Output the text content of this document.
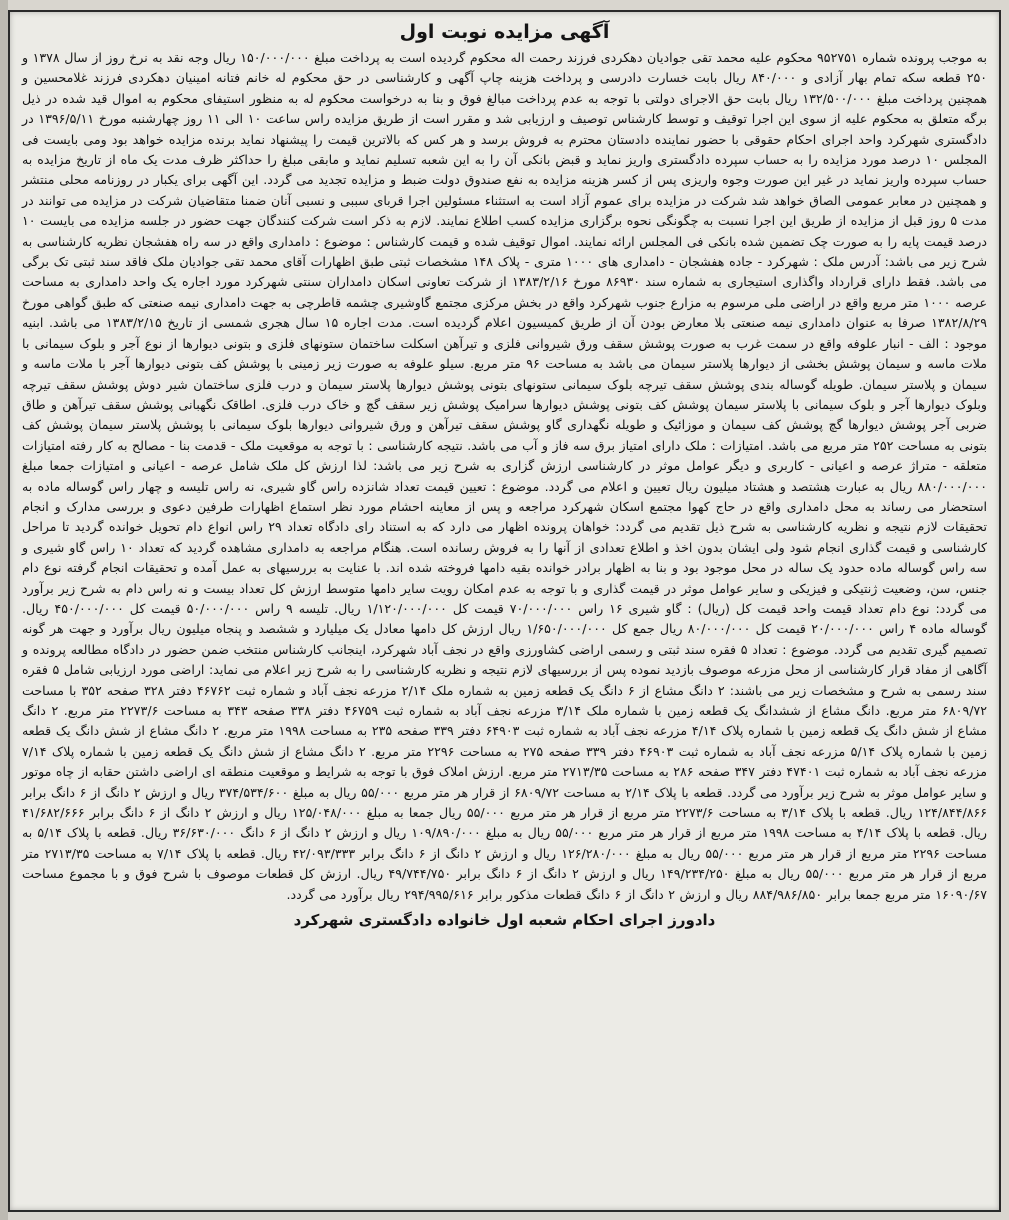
آگهی مزایده نوبت اول

به موجب پرونده شماره ۹۵۲۷۵۱ محکوم علیه محمد تقی جوادیان دهکردی فرزند رحمت اله محکوم گردیده است به پرداخت مبلغ ۱۵۰/۰۰۰/۰۰۰ ریال وجه نقد به نرخ روز از سال ۱۳۷۸ و ۲۵۰ قطعه سکه تمام بهار آزادی و ۸۴۰/۰۰۰ ریال بابت خسارت دادرسی و پرداخت هزینه چاپ آگهی و کارشناسی در حق محکوم له خانم فتانه امینیان دهکردی فرزند غلامحسین و همچنین پرداخت مبلغ ۱۳۲/۵۰۰/۰۰۰ ریال بابت حق الاجرای دولتی با توجه به عدم پرداخت مبالغ فوق و بنا به درخواست محکوم له به منظور استیفای محکوم به اموال قید شده در ذیل برگه متعلق به محکوم علیه از سوی این اجرا توقیف و توسط کارشناس توصیف و ارزیابی شد و مقرر است از طریق مزایده راس ساعت ۱۰ الی ۱۱ روز چهارشنبه مورخ ۱۳۹۶/۵/۱۱ در دادگستری شهرکرد واحد اجرای احکام حقوقی با حضور نماینده دادستان محترم به فروش برسد و هر کس که بالاترین قیمت را پیشنهاد نماید برنده مزایده خواهد بود ومی بایست فی المجلس ۱۰ درصد مورد مزایده را به حساب سپرده دادگستری واریز نماید و قبض بانکی آن را به این شعبه تسلیم نماید و مابقی مبلغ را حداکثر ظرف مدت یک ماه از تاریخ مزایده به حساب سپرده واریز نماید در غیر این صورت وجوه واریزی پس از کسر هزینه مزایده به نفع صندوق دولت ضبط و مزایده تجدید می گردد. این آگهی برای یکبار در روزنامه محلی منتشر و همچنین در معابر عمومی الصاق خواهد شد شرکت در مزایده برای عموم آزاد است به استثناء مسئولین اجرا قربای سببی و نسبی آنان ضمنا متقاضیان شرکت در مزایده می توانند در مدت ۵ روز قبل از مزایده از طریق این اجرا نسبت به چگونگی نحوه برگزاری مزایده کسب اطلاع نمایند. لازم به ذکر است شرکت کنندگان جهت حضور در جلسه مزایده می بایست ۱۰ درصد قیمت پایه را به صورت چک تضمین شده بانکی فی المجلس ارائه نمایند. اموال توقیف شده و قیمت کارشناس : موضوع : دامداری واقع در سه راه هفشجان نظریه کارشناسی به شرح زیر می باشد: آدرس ملک : شهرکرد - جاده هفشجان - دامداری های ۱۰۰۰ متری - پلاک ۱۴۸ مشخصات ثبتی طبق اظهارات آقای محمد تقی جوادیان ملک فاقد سند ثبتی تک برگی می باشد. فقط دارای قرارداد واگذاری استیجاری به شماره سند ۸۶۹۳۰ مورخ ۱۳۸۳/۲/۱۶ از شرکت تعاونی اسکان دامداران سنتی شهرکرد مورد اجاره یک واحد دامداری به مساحت عرصه ۱۰۰۰ متر مربع واقع در اراضی ملی مرسوم به مزارع جنوب شهرکرد واقع در بخش مرکزی مجتمع گاوشیری چشمه قاطرچی به جهت دامداری نیمه صنعتی که طبق گواهی مورخ ۱۳۸۲/۸/۲۹ صرفا به عنوان دامداری نیمه صنعتی بلا معارض بودن آن از طریق کمیسیون اعلام گردیده است. مدت اجاره ۱۵ سال هجری شمسی از تاریخ ۱۳۸۳/۲/۱۵ می باشد. ابنیه موجود : الف - انبار علوفه واقع در سمت غرب به صورت پوشش سقف ورق شیروانی فلزی و تیرآهن اسکلت ساختمان ستونهای فلزی و بتونی دیوارها از نوع آجر و بلوک سیمانی با ملات ماسه و سیمان پوشش بخشی از دیوارها پلاستر سیمان می باشد به مساحت ۹۶ متر مربع. سیلو علوفه به صورت زیر زمینی با پوشش کف بتونی دیوارها آجر با ملات ماسه و سیمان و پلاستر سیمان. طویله گوساله بندی پوشش سقف تیرچه بلوک سیمانی ستونهای بتونی پوشش دیوارها پلاستر سیمان و درب فلزی ساختمان شیر دوش پوشش سقف تیرچه وبلوک دیوارها آجر و بلوک سیمانی با پلاستر سیمان پوشش کف بتونی پوشش دیوارها سرامیک پوشش زیر سقف گچ و خاک درب فلزی. اطاقک نگهبانی پوشش سقف تیرآهن و طاق ضربی آجر پوشش دیوارها گچ پوشش کف سیمان و موزائیک و طویله نگهداری گاو پوشش سقف تیرآهن و ورق شیروانی دیوارها بلوک سیمانی با پوشش پلاستر سیمان پوشش کف بتونی به مساحت ۲۵۲ متر مربع می باشد. امتیازات : ملک دارای امتیاز برق سه فاز و آب می باشد. نتیجه کارشناسی : با توجه به موقعیت ملک - قدمت بنا - مصالح به کار رفته امتیازات متعلقه - متراژ عرصه و اعیانی - کاربری و دیگر عوامل موثر در کارشناسی ارزش گزاری به شرح زیر می باشد: لذا ارزش کل ملک شامل عرصه - اعیانی و امتیازات جمعا مبلغ ۸۸۰/۰۰۰/۰۰۰ ریال به عبارت هشتصد و هشتاد میلیون ریال تعیین و اعلام می گردد. موضوع : تعیین قیمت تعداد شانزده راس گاو شیری، نه راس تلیسه و چهار راس گوساله ماده به استحضار می رساند به محل دامداری واقع در حاج کهوا مجتمع اسکان شهرکرد مراجعه و پس از معاینه احشام مورد نظر استماع اظهارات طرفین دعوی و بررسی مدارک و انجام تحقیقات لازم نتیجه و نظریه کارشناسی به شرح ذیل تقدیم می گردد: خواهان پرونده اظهار می دارد که به استناد رای دادگاه تعداد ۲۹ راس انواع دام تحویل خوانده گردید تا مراحل کارشناسی و قیمت گذاری انجام شود ولی ایشان بدون اخذ و اطلاع تعدادی از آنها را به فروش رسانده است. هنگام مراجعه به دامداری مشاهده گردید که تعداد ۱۰ راس گاو شیری و سه راس گوساله ماده حدود یک ساله در محل موجود بود و بنا به اظهار برادر خوانده بقیه دامها فروخته شده اند. با عنایت به بررسیهای به عمل آمده و تحقیقات انجام گرفته نوع دام جنس، سن، وضعیت ژنتیکی و فیزیکی و سایر عوامل موثر در قیمت گذاری و با توجه به عدم امکان رویت سایر دامها متوسط ارزش کل تعداد بیست و نه راس دام به شرح زیر برآورد می گردد: نوع دام تعداد قیمت واحد قیمت کل (ریال) : گاو شیری ۱۶ راس ۷۰/۰۰۰/۰۰۰ قیمت کل ۱/۱۲۰/۰۰۰/۰۰۰ ریال. تلیسه ۹ راس ۵۰/۰۰۰/۰۰۰ قیمت کل ۴۵۰/۰۰۰/۰۰۰ ریال. گوساله ماده ۴ راس ۲۰/۰۰۰/۰۰۰ قیمت کل ۸۰/۰۰۰/۰۰۰ ریال جمع کل ۱/۶۵۰/۰۰۰/۰۰۰ ریال ارزش کل دامها معادل یک میلیارد و ششصد و پنجاه میلیون ریال برآورد و جهت هر گونه تصمیم گیری تقدیم می گردد. موضوع : تعداد ۵ فقره سند ثبتی و رسمی اراضی کشاورزی واقع در نجف آباد شهرکرد، اینجانب کارشناس منتخب ضمن حضور در دادگاه مطالعه پرونده و آگاهی از مفاد قرار کارشناسی از محل مزرعه موصوف بازدید نموده پس از بررسیهای لازم نتیجه و نظریه کارشناسی را به شرح زیر اعلام می نماید: اراضی مورد ارزیابی شامل ۵ فقره سند رسمی به شرح و مشخصات زیر می باشند: ۲ دانگ مشاع از ۶ دانگ یک قطعه زمین به شماره ملک ۲/۱۴ مزرعه نجف آباد و شماره ثبت ۴۶۷۶۲ دفتر ۳۲۸ صفحه ۳۵۲ با مساحت ۶۸۰۹/۷۲ متر مربع. دانگ مشاع از ششدانگ یک قطعه زمین با شماره ملک ۳/۱۴ مزرعه نجف آباد به شماره ثبت ۴۶۷۵۹ دفتر ۳۳۸ صفحه ۳۴۳ به مساحت ۲۲۷۳/۶ متر مربع. ۲ دانگ مشاع از شش دانگ یک قطعه زمین با شماره پلاک ۴/۱۴ مزرعه نجف آباد به شماره ثبت ۶۴۹۰۳ دفتر ۳۳۹ صفحه ۲۳۵ به مساحت ۱۹۹۸ متر مربع. ۲ دانگ مشاع از شش دانگ یک قطعه زمین با شماره پلاک ۵/۱۴ مزرعه نجف آباد به شماره ثبت ۴۶۹۰۳ دفتر ۳۳۹ صفحه ۲۷۵ به مساحت ۲۲۹۶ متر مربع. ۲ دانگ مشاع از شش دانگ یک قطعه زمین با شماره پلاک ۷/۱۴ مزرعه نجف آباد به شماره ثبت ۴۷۴۰۱ دفتر ۳۴۷ صفحه ۲۸۶ به مساحت ۲۷۱۳/۳۵ متر مربع. ارزش املاک فوق با توجه به شرایط و موقعیت منطقه ای اراضی داشتن حقابه از چاه موتور و سایر عوامل موثر به شرح زیر برآورد می گردد. قطعه با پلاک ۲/۱۴ به مساحت ۶۸۰۹/۷۲ از قرار هر متر مربع ۵۵/۰۰۰ ریال به مبلغ ۳۷۴/۵۳۴/۶۰۰ ریال و ارزش ۲ دانگ از ۶ دانگ برابر ۱۲۴/۸۴۴/۸۶۶ ریال. قطعه با پلاک ۳/۱۴ به مساحت ۲۲۷۳/۶ متر مربع از قرار هر متر مربع ۵۵/۰۰۰ ریال جمعا به مبلغ ۱۲۵/۰۴۸/۰۰۰ ریال و ارزش ۲ دانگ از ۶ دانگ برابر ۴۱/۶۸۲/۶۶۶ ریال. قطعه با پلاک ۴/۱۴ به مساحت ۱۹۹۸ متر مربع از قرار هر متر مربع ۵۵/۰۰۰ ریال به مبلغ ۱۰۹/۸۹۰/۰۰۰ ریال و ارزش ۲ دانگ از ۶ دانگ ۳۶/۶۳۰/۰۰۰ ریال. قطعه با پلاک ۵/۱۴ به مساحت ۲۲۹۶ متر مربع از قرار هر متر مربع ۵۵/۰۰۰ ریال به مبلغ ۱۲۶/۲۸۰/۰۰۰ ریال و ارزش ۲ دانگ از ۶ دانگ برابر ۴۲/۰۹۳/۳۳۳ ریال. قطعه با پلاک ۷/۱۴ به مساحت ۲۷۱۳/۳۵ متر مربع از قرار هر متر مربع ۵۵/۰۰۰ ریال به مبلغ ۱۴۹/۲۳۴/۲۵۰ ریال و ارزش ۲ دانگ از ۶ دانگ برابر ۴۹/۷۴۴/۷۵۰ ریال. ارزش کل قطعات موصوف با شرح فوق و با مجموع مساحت ۱۶۰۹۰/۶۷ متر مربع جمعا برابر ۸۸۴/۹۸۶/۸۵۰ ریال و ارزش ۲ دانگ از ۶ دانگ قطعات مذکور برابر ۲۹۴/۹۹۵/۶۱۶ ریال برآورد می گردد.

دادورز اجرای احکام شعبه اول خانواده دادگستری شهرکرد
